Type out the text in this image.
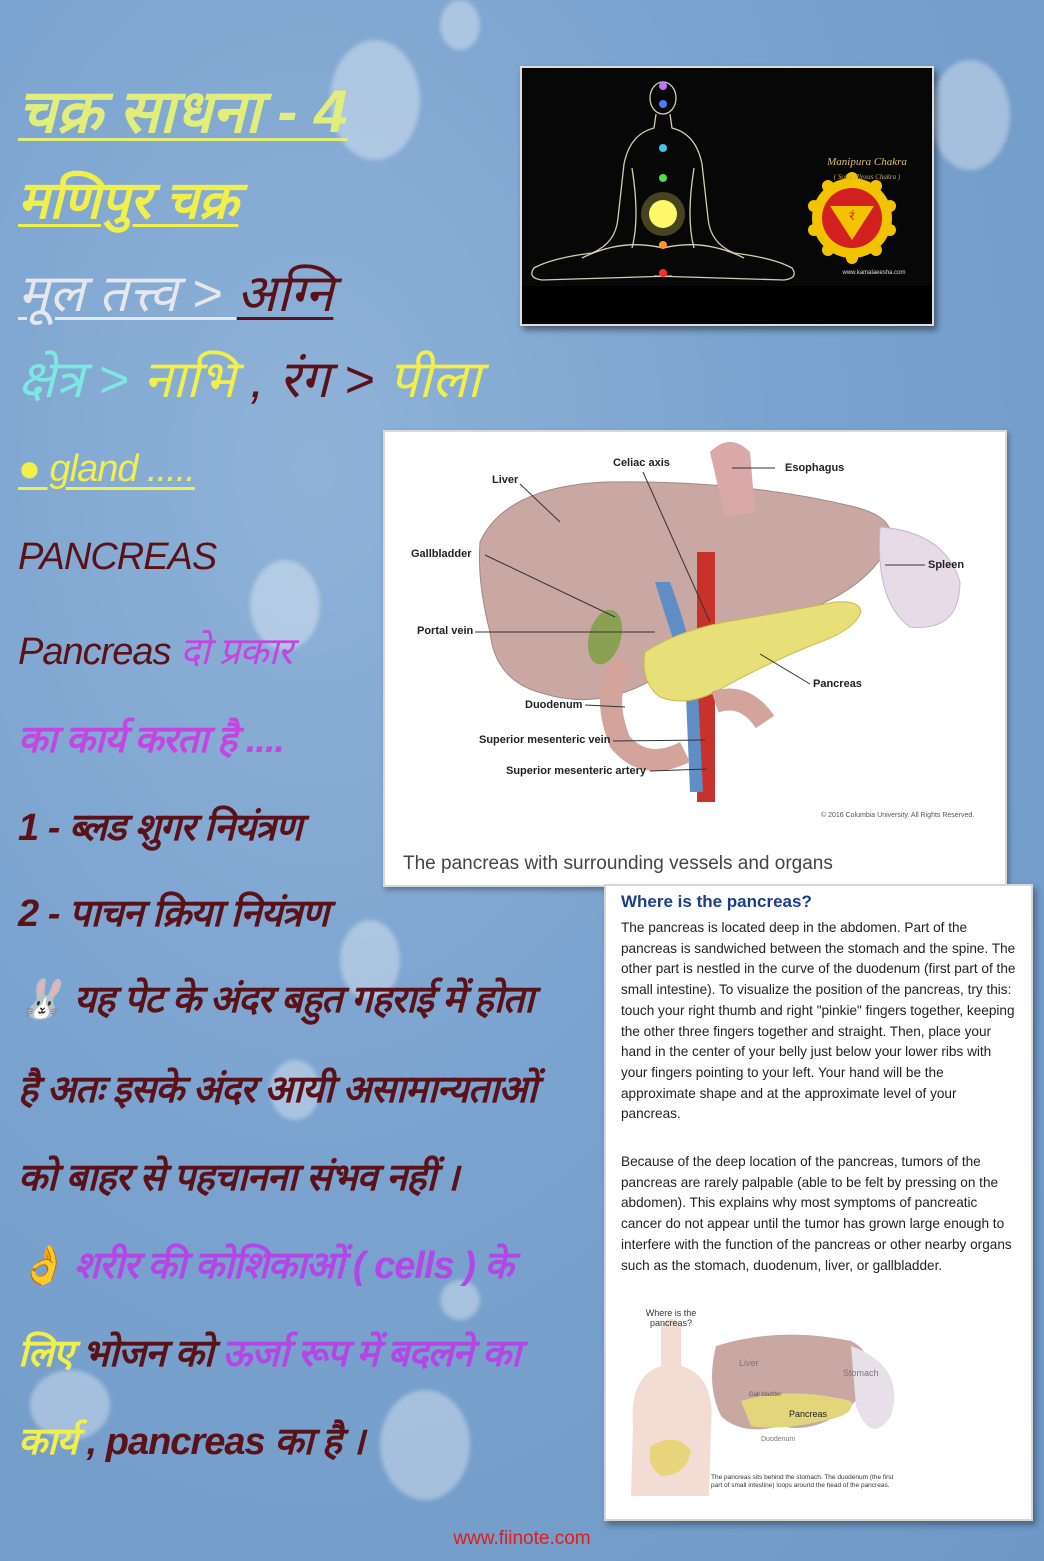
चक्र साधना - 4
मणिपुर चक्र
मूल तत्त्व > अग्नि
क्षेत्र > नाभि , रंग > पीला
● gland .....
PANCREAS
Pancreas दो प्रकार
का कार्य करता है ....
1 - ब्लड शुगर नियंत्रण
2 - पाचन क्रिया नियंत्रण
🐰 यह पेट के अंदर बहुत गहराई में होता
है अतः इसके अंदर आयी असामान्यताओं
को बाहर से पहचानना संभव नहीं ।
👌 शरीर की कोशिकाओं ( cells ) के
लिए भोजन को ऊर्जा रूप में बदलने का
कार्य , pancreas का है ।
रं
Manipura Chakra
( Solar Plexus Chakra )
www.kamalaeesha.com
Celiac axis	Esophagus
Liver
Gallbladder
Spleen
Portal vein
Pancreas
Duodenum
Superior mesenteric vein
Superior mesenteric artery
© 2016 Columbia University. All Rights Reserved.
The pancreas with surrounding vessels and organs
Where is the pancreas?

The pancreas is located deep in the abdomen. Part of the pancreas is sandwiched between the stomach and the spine. The other part is nestled in the curve of the duodenum (first part of the small intestine). To visualize the position of the pancreas, try this: touch your right thumb and right "pinkie" fingers together, keeping the other three fingers together and straight. Then, place your hand in the center of your belly just below your lower ribs with your fingers pointing to your left. Your hand will be the approximate shape and at the approximate level of your pancreas.

Because of the deep location of the pancreas, tumors of the pancreas are rarely palpable (able to be felt by pressing on the abdomen). This explains why most symptoms of pancreatic cancer do not appear until the tumor has grown large enough to interfere with the function of the pancreas or other nearby organs such as the stomach, duodenum, liver, or gallbladder.

Where is the pancreas?
Liver
Stomach
Pancreas
Duodenum
Gall bladder
The pancreas sits behind the stomach. The duodenum (the first part of small intestine) loops around the head of the pancreas.
www.fiinote.com
